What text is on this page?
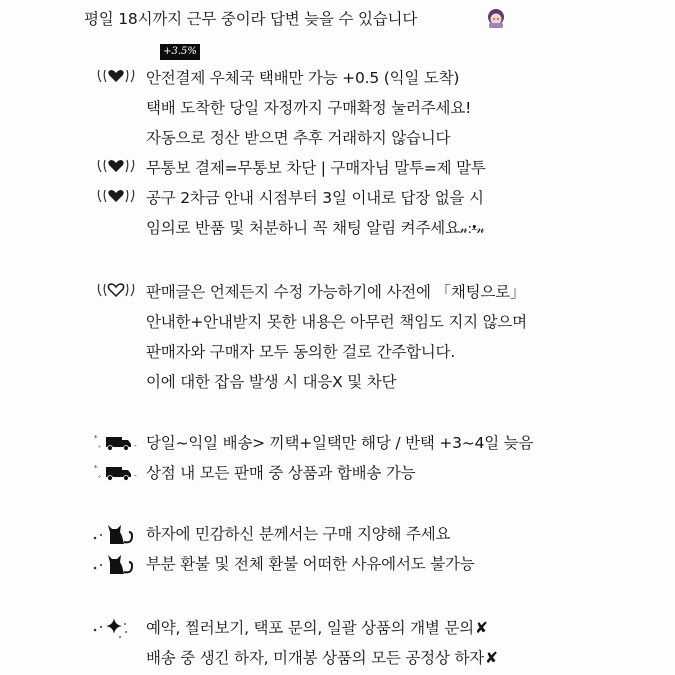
평일 18시까지 근무 중이라 답변 늦을 수 있습니다
+3.5%
안전결제 우체국 택배만 가능 +0.5 (익일 도착)
택배 도착한 당일 자정까지 구매확정 눌러주세요!
자동으로 정산 받으면 추후 거래하지 않습니다
무통보 결제=무통보 차단 | 구매자님 말투=제 말투
공구 2차금 안내 시점부터 3일 이내로 답장 없을 시
임의로 반품 및 처분하니 꼭 채팅 알림 켜주세요𝓃:ᵜ𝓃
판매글은 언제든지 수정 가능하기에 사전에 「채팅으로」
안내한+안내받지 못한 내용은 아무런 책임도 지지 않으며
판매자와 구매자 모두 동의한 걸로 간주합니다.
이에 대한 잡음 발생 시 대응X 및 차단
*
°	-
*
°	-
당일~익일 배송> 끼택+일택만 해당 / 반택 +3~4일 늦음
상점 내 모든 판매 중 상품과 합배송 가능
하자에 민감하신 분께서는 구매 지양해 주세요
부분 환불 및 전체 환불 어떠한 사유에서도 불가능
예약, 찔러보기, 택포 문의, 일괄 상품의 개별 문의✘
배송 중 생긴 하자, 미개봉 상품의 모든 공정상 하자✘
